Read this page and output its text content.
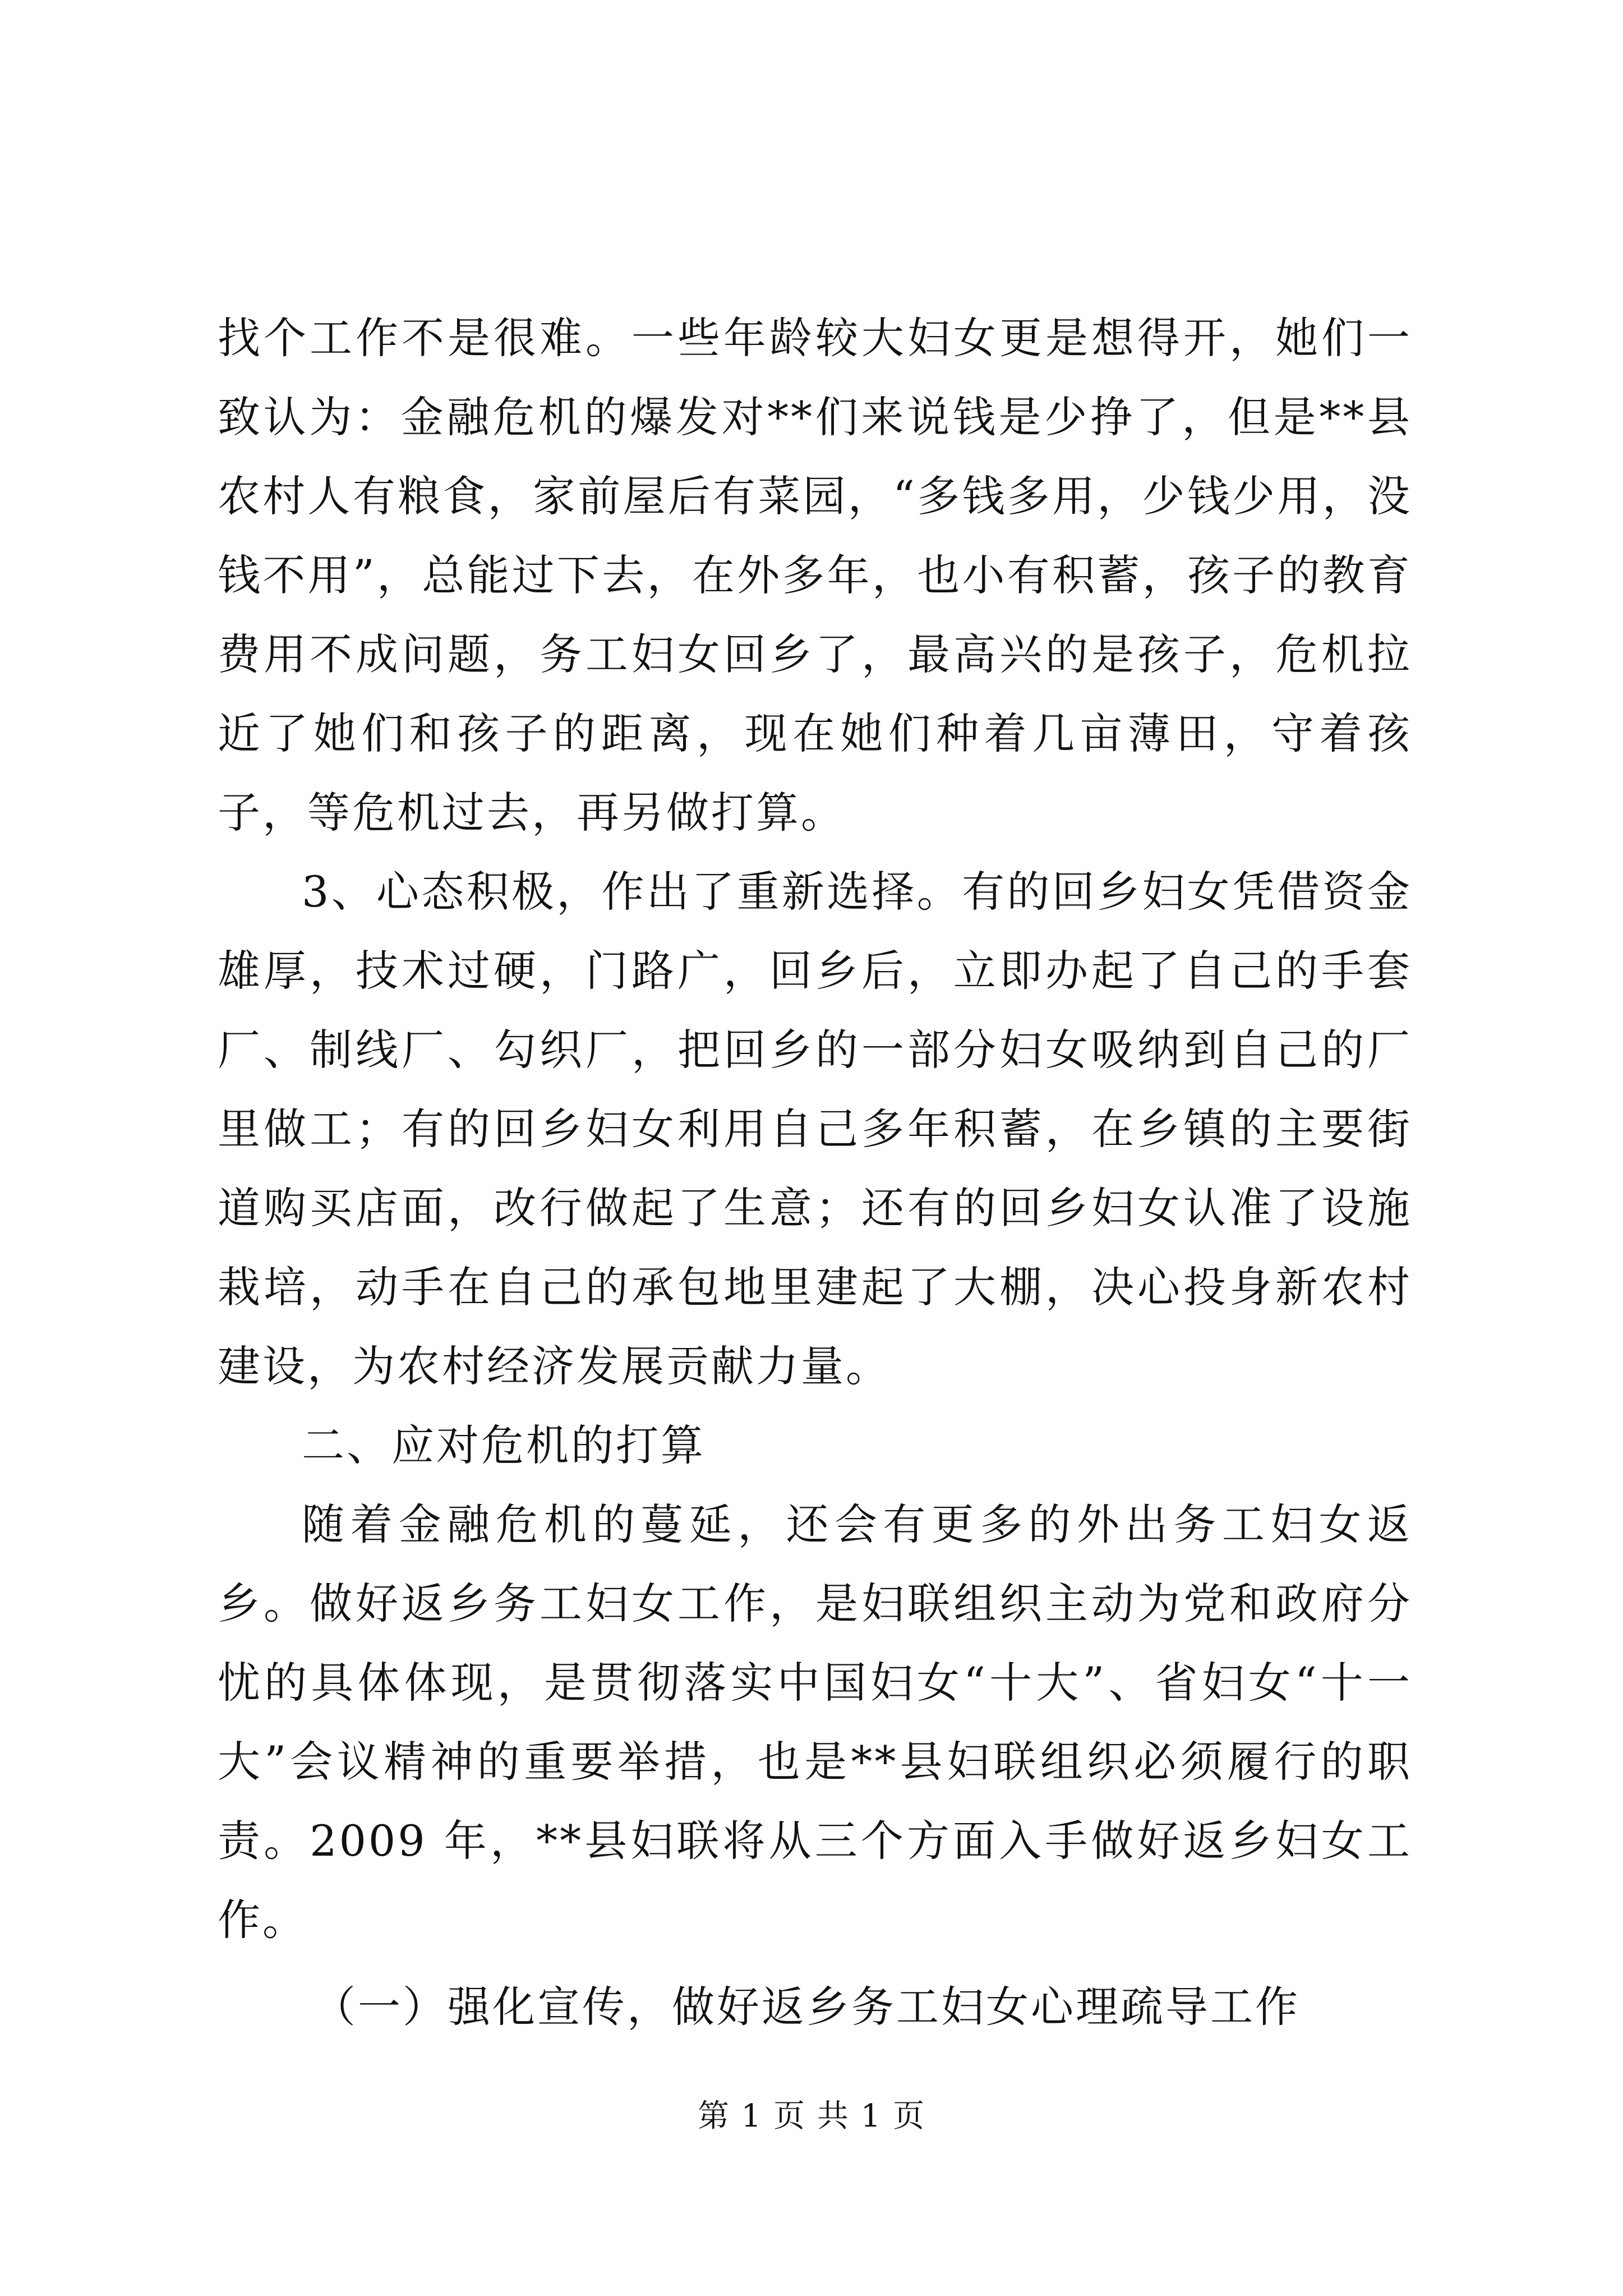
找个工作不是很难。一些年龄较大妇女更是想得开，她们一致认为：金融危机的爆发对**们来说钱是少挣了，但是**县农村人有粮食，家前屋后有菜园，“多钱多用，少钱少用，没钱不用”，总能过下去，在外多年，也小有积蓄，孩子的教育费用不成问题，务工妇女回乡了，最高兴的是孩子，危机拉近了她们和孩子的距离，现在她们种着几亩薄田，守着孩子，等危机过去，再另做打算。

3、心态积极，作出了重新选择。有的回乡妇女凭借资金雄厚，技术过硬，门路广，回乡后，立即办起了自己的手套厂、制线厂、勾织厂，把回乡的一部分妇女吸纳到自己的厂里做工；有的回乡妇女利用自己多年积蓄，在乡镇的主要街道购买店面，改行做起了生意；还有的回乡妇女认准了设施栽培，动手在自己的承包地里建起了大棚，决心投身新农村建设，为农村经济发展贡献力量。

二、应对危机的打算

随着金融危机的蔓延，还会有更多的外出务工妇女返乡。做好返乡务工妇女工作，是妇联组织主动为党和政府分忧的具体体现，是贯彻落实中国妇女“十大”、省妇女“十一大”会议精神的重要举措，也是**县妇联组织必须履行的职责。2009 年，**县妇联将从三个方面入手做好返乡妇女工作。

（一）强化宣传，做好返乡务工妇女心理疏导工作

第 1 页 共 1 页
